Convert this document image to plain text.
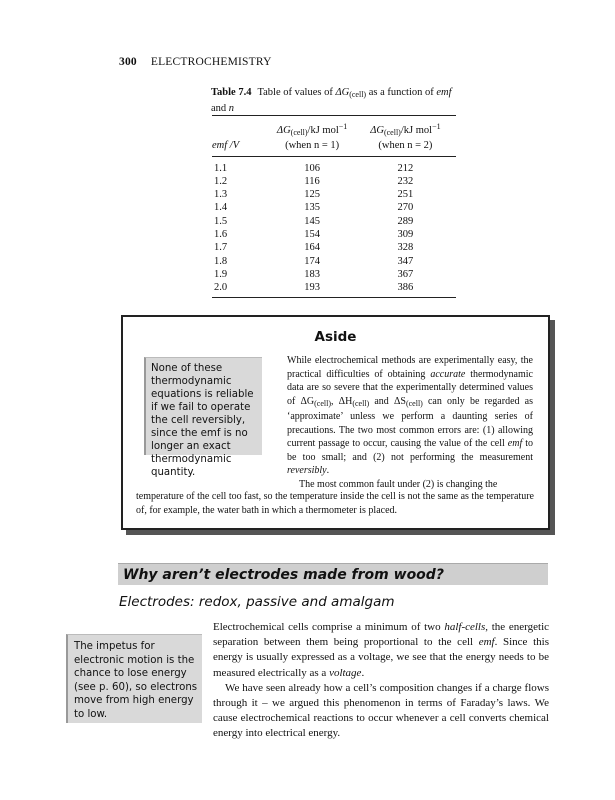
300 ELECTROCHEMISTRY
Table 7.4 Table of values of $\Delta G_{(cell)}$ as a function of emf and n

	$\Delta G_{(cell)}/kJ$ mol$^{-1}$	$\Delta G_{(cell)}/kJ$ mol$^{-1}$
emf /V	(when n = 1)	(when n = 2)

1.1	106	212
1.2	116	232
1.3	125	251
1.4	135	270
1.5	145	289
1.6	154	309
1.7	164	328
1.8	174	347
1.9	183	367
2.0	193	386
Aside
None of these thermodynamic equations is reliable if we fail to operate the cell reversibly, since the emf is no longer an exact thermodynamic quantity.
While electrochemical methods are experimentally easy, the practical difficulties of obtaining accurate thermodynamic data are so severe that the experimentally determined values of $\Delta G_{(cell)}$, $\Delta H_{(cell)}$ and $\Delta S_{(cell)}$ can only be regarded as ‘approximate’ unless we perform a daunting series of precautions. The two most common errors are: (1) allowing current passage to occur, causing the value of the cell emf to be too small; and (2) not performing the measurement reversibly.
The most common fault under (2) is changing the
temperature of the cell too fast, so the temperature inside the cell is not the same as the temperature of, for example, the water bath in which a thermometer is placed.
Why aren’t electrodes made from wood?
Electrodes: redox, passive and amalgam
The impetus for electronic motion is the chance to lose energy (see p. 60), so electrons move from high energy to low.

Electrochemical cells comprise a minimum of two half-cells, the energetic separation between them being proportional to the cell emf. Since this energy is usually expressed as a voltage, we see that the energy needs to be measured electrically as a voltage.

We have seen already how a cell’s composition changes if a charge flows through it – we argued this phenomenon in terms of Faraday’s laws. We cause electrochemical reactions to occur whenever a cell converts chemical energy into electrical energy.
